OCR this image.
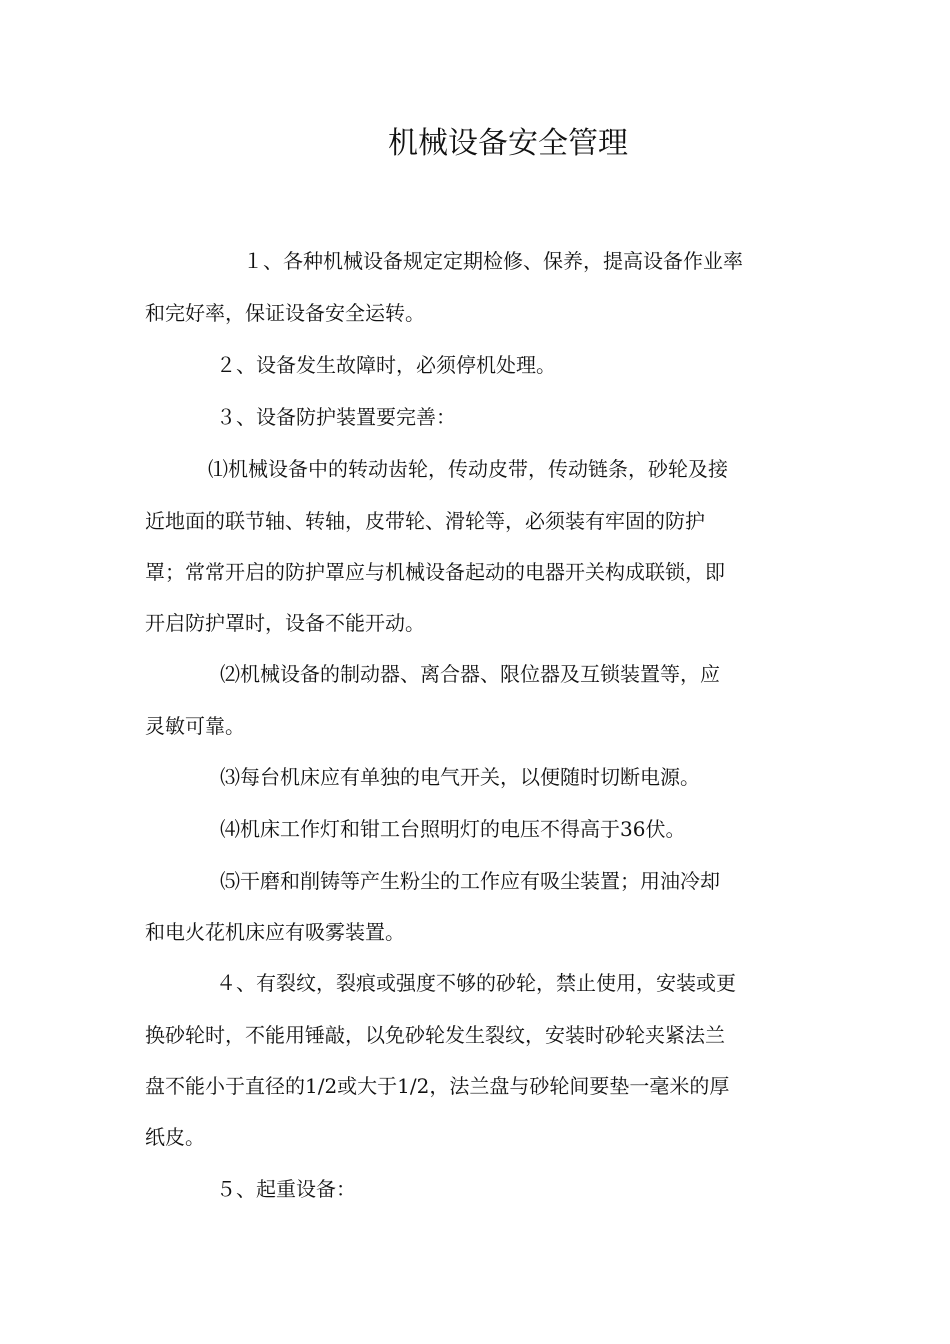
机械设备安全管理
１、各种机械设备规定定期检修、保养，提高设备作业率
和完好率，保证设备安全运转。
２、设备发生故障时，必须停机处理。
３、设备防护装置要完善：
⑴机械设备中的转动齿轮，传动皮带，传动链条，砂轮及接
近地面的联节轴、转轴，皮带轮、滑轮等，必须装有牢固的防护
罩；常常开启的防护罩应与机械设备起动的电器开关构成联锁，即
开启防护罩时，设备不能开动。
⑵机械设备的制动器、离合器、限位器及互锁装置等，应
灵敏可靠。
⑶每台机床应有单独的电气开关，以便随时切断电源。
⑷机床工作灯和钳工台照明灯的电压不得高于36伏。
⑸干磨和削铸等产生粉尘的工作应有吸尘装置；用油冷却
和电火花机床应有吸雾装置。
４、有裂纹，裂痕或强度不够的砂轮，禁止使用，安装或更
换砂轮时，不能用锤敲，以免砂轮发生裂纹，安装时砂轮夹紧法兰
盘不能小于直径的1/2或大于1/2，法兰盘与砂轮间要垫一毫米的厚
纸皮。
５、起重设备：
